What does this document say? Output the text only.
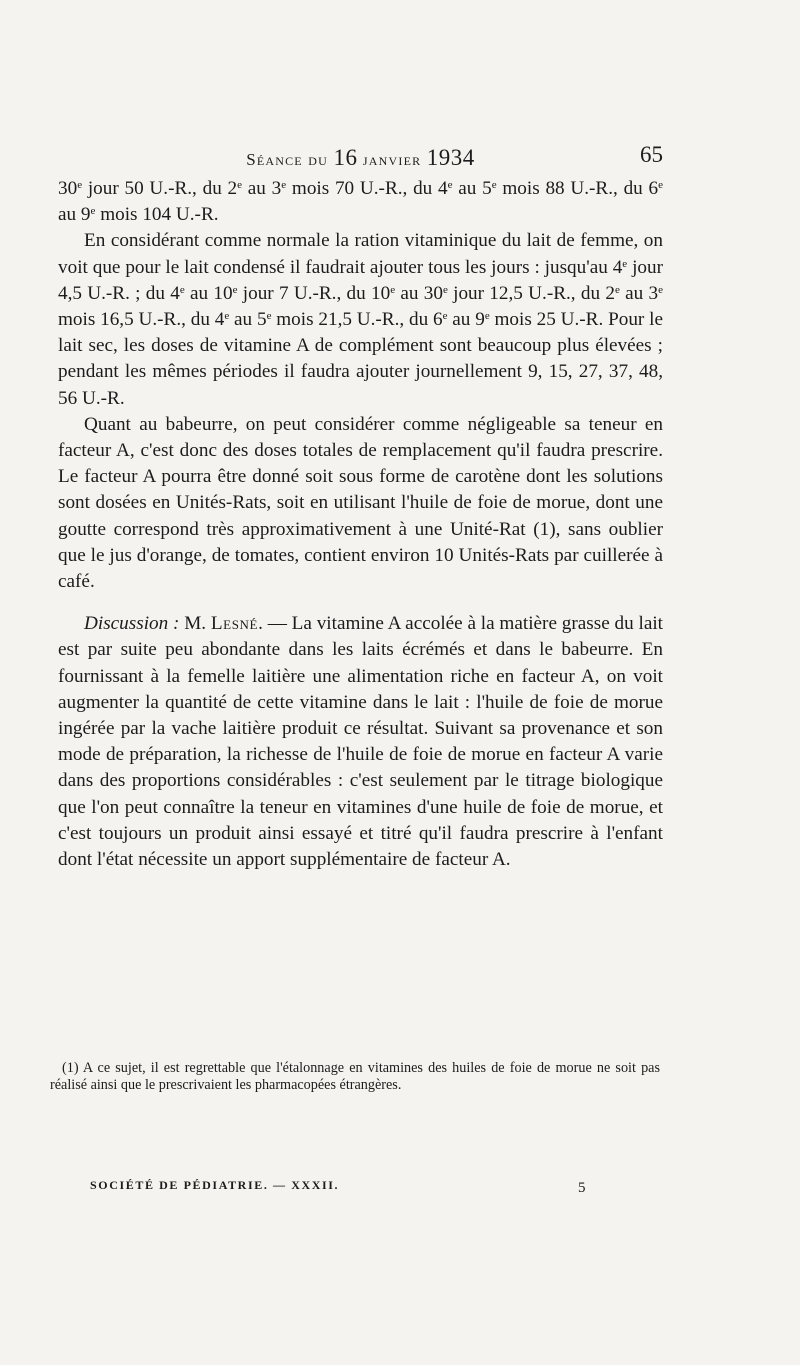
Séance du 16 janvier 1934	65

30e jour 50 U.-R., du 2e au 3e mois 70 U.-R., du 4e au 5e mois 88 U.-R., du 6e au 9e mois 104 U.-R.

En considérant comme normale la ration vitaminique du lait de femme, on voit que pour le lait condensé il faudrait ajouter tous les jours : jusqu'au 4e jour 4,5 U.-R. ; du 4e au 10e jour 7 U.-R., du 10e au 30e jour 12,5 U.-R., du 2e au 3e mois 16,5 U.-R., du 4e au 5e mois 21,5 U.-R., du 6e au 9e mois 25 U.-R. Pour le lait sec, les doses de vitamine A de complément sont beaucoup plus élevées ; pendant les mêmes périodes il faudra ajouter journellement 9, 15, 27, 37, 48, 56 U.-R.

Quant au babeurre, on peut considérer comme négligeable sa teneur en facteur A, c'est donc des doses totales de remplacement qu'il faudra prescrire. Le facteur A pourra être donné soit sous forme de carotène dont les solutions sont dosées en Unités-Rats, soit en utilisant l'huile de foie de morue, dont une goutte correspond très approximativement à une Unité-Rat (1), sans oublier que le jus d'orange, de tomates, contient environ 10 Unités-Rats par cuillerée à café.

Discussion : M. Lesné. — La vitamine A accolée à la matière grasse du lait est par suite peu abondante dans les laits écrémés et dans le babeurre. En fournissant à la femelle laitière une alimentation riche en facteur A, on voit augmenter la quantité de cette vitamine dans le lait : l'huile de foie de morue ingérée par la vache laitière produit ce résultat. Suivant sa provenance et son mode de préparation, la richesse de l'huile de foie de morue en facteur A varie dans des proportions considérables : c'est seulement par le titrage biologique que l'on peut connaître la teneur en vitamines d'une huile de foie de morue, et c'est toujours un produit ainsi essayé et titré qu'il faudra prescrire à l'enfant dont l'état nécessite un apport supplémentaire de facteur A.

(1) A ce sujet, il est regrettable que l'étalonnage en vitamines des huiles de foie de morue ne soit pas réalisé ainsi que le prescrivaient les pharmacopées étrangères.

SOCIÉTÉ DE PÉDIATRIE. — XXXII.	5
